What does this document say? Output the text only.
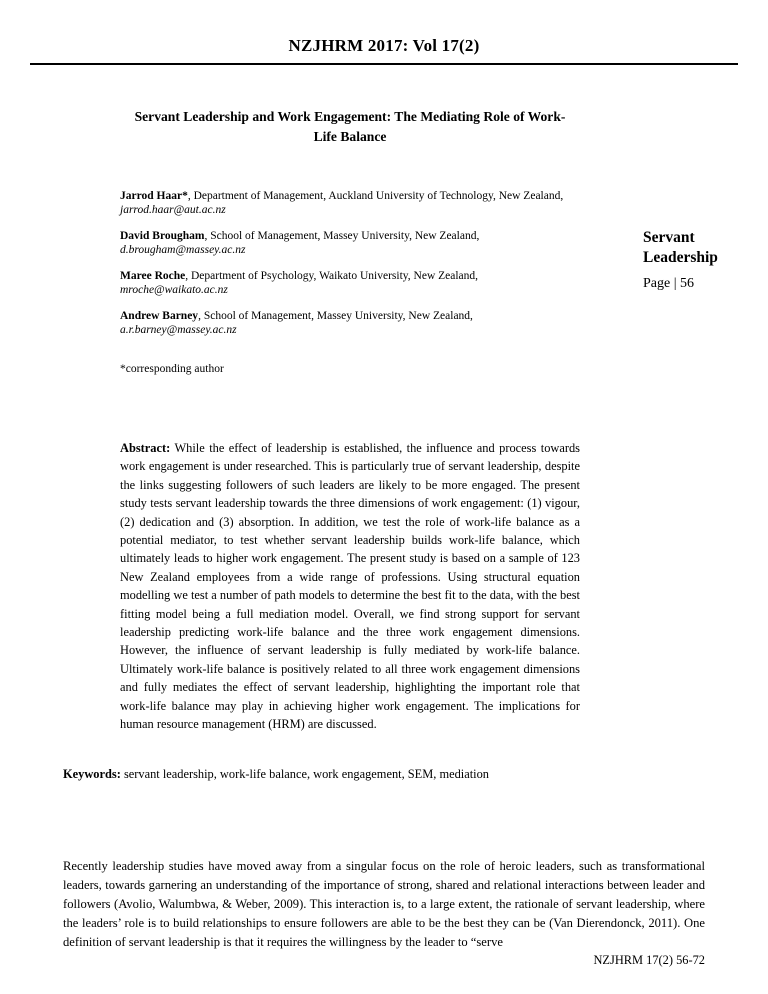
NZJHRM 2017: Vol 17(2)
Servant Leadership and Work Engagement: The Mediating Role of Work-Life Balance
Jarrod Haar*, Department of Management, Auckland University of Technology, New Zealand,
jarrod.haar@aut.ac.nz
David Brougham, School of Management, Massey University, New Zealand,
d.brougham@massey.ac.nz
Maree Roche, Department of Psychology, Waikato University, New Zealand,
mroche@waikato.ac.nz
Andrew Barney, School of Management, Massey University, New Zealand,
a.r.barney@massey.ac.nz
*corresponding author

Abstract: While the effect of leadership is established, the influence and process towards work engagement is under researched. This is particularly true of servant leadership, despite the links suggesting followers of such leaders are likely to be more engaged. The present study tests servant leadership towards the three dimensions of work engagement: (1) vigour, (2) dedication and (3) absorption. In addition, we test the role of work-life balance as a potential mediator, to test whether servant leadership builds work-life balance, which ultimately leads to higher work engagement. The present study is based on a sample of 123 New Zealand employees from a wide range of professions. Using structural equation modelling we test a number of path models to determine the best fit to the data, with the best fitting model being a full mediation model. Overall, we find strong support for servant leadership predicting work-life balance and the three work engagement dimensions. However, the influence of servant leadership is fully mediated by work-life balance. Ultimately work-life balance is positively related to all three work engagement dimensions and fully mediates the effect of servant leadership, highlighting the important role that work-life balance may play in achieving higher work engagement. The implications for human resource management (HRM) are discussed.

Servant Leadership
Page | 56

Keywords: servant leadership, work-life balance, work engagement, SEM, mediation

Recently leadership studies have moved away from a singular focus on the role of heroic leaders, such as transformational leaders, towards garnering an understanding of the importance of strong, shared and relational interactions between leader and followers (Avolio, Walumbwa, & Weber, 2009). This interaction is, to a large extent, the rationale of servant leadership, where the leaders’ role is to build relationships to ensure followers are able to be the best they can be (Van Dierendonck, 2011). One definition of servant leadership is that it requires the willingness by the leader to “serve

NZJHRM 17(2) 56-72
